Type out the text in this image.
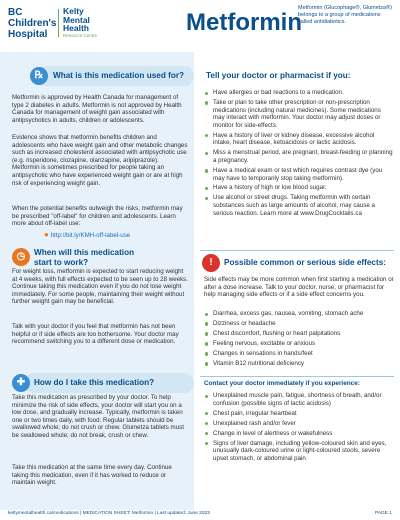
BC
Children's
Hospital
Kelty
Mental
Health
Resource Centre	Metformin
Metformin (Glucophage®, Glumetza®) belongs to a group of medications called antidiabetics.
℞	What is this medication used for?
Metformin is approved by Health Canada for management of type 2 diabetes in adults. Metformin is not approved by Health Canada for management of weight gain associated with antipsychotics in adults, children or adolescents.
Evidence shows that metformin benefits children and adolescents who have weight gain and other metabolic changes such as increased cholesterol associated with antipsychotic use (e.g. risperidone, clozapine, olanzapine, aripiprazole). Metformin is sometimes prescribed for people taking an antipsychotic who have experienced weight gain or are at high risk of experiencing weight gain.
When the potential benefits outweigh the risks, metformin may be prescribed "off-label" for children and adolescents. Learn more about off-label use:
● http://bit.ly/KMH-off-label-use
Tell your doctor or pharmacist if you:
Have allergies or bad reactions to a medication.
Take or plan to take other prescription or non-prescription medications (including natural medicines). Some medications may interact with metformin. Your doctor may adjust doses or monitor for side-effects.
Have a history of liver or kidney disease, excessive alcohol intake, heart disease, ketoacidosis or lactic acidosis.
Miss a menstrual period, are pregnant, breast-feeding or planning a pregnancy.
Have a medical exam or test which requires contrast dye (you may have to temporarily stop taking metformin).
Have a history of high or low blood sugar.
Use alcohol or street drugs. Taking metformin with certain substances such as large amounts of alcohol, may cause a serious reaction. Learn more at www.DrugCocktails.ca
◷	When will this medication
start to work?
For weight loss, metformin is expected to start reducing weight at 4 weeks, with full effects expected to be seen up to 28 weeks. Continue taking this medication even if you do not lose weight immediately. For some people, maintaining their weight without further weight gain may be beneficial.
Talk with your doctor if you feel that metformin has not been helpful or if side effects are too bothersome. Your doctor may recommend switching you to a different dose or medication.
✚	How do I take this medication?
Take this medication as prescribed by your doctor. To help minimize the risk of side effects, your doctor will start you on a low dose, and gradually increase. Typically, metformin is taken one or two times daily, with food. Regular tablets should be swallowed whole; do not crush or chew. Glumetza tablets must be swallowed whole; do not break, crush or chew.
Take this medication at the same time every day. Continue taking this medication, even if it has worked to reduce or maintain weight.
!	Possible common or serious side effects:
Side effects may be more common when first starting a medication or after a dose increase. Talk to your doctor, nurse, or pharmacist for help managing side effects or if a side effect concerns you.
Diarrhea, excess gas, nausea, vomiting, stomach ache
Dizziness or headache
Chest discomfort, flushing or heart palpitations
Feeling nervous, excitable or anxious
Changes in sensations in hands/feet
Vitamin B12 nutritional deficiency
Contact your doctor immediately if you experience:
Unexplained muscle pain, fatigue, shortness of breath, and/or confusion (possible signs of lactic acidosis)
Chest pain, irregular heartbeat
Unexplained rash and/or fever
Change in level of alertness or wakefulness
Signs of liver damage, including yellow-coloured skin and eyes, unusually dark-coloured urine or light-coloured stools, severe upset stomach, or abdominal pain
keltymentalhealth.ca/medications | MEDICATION SHEET: Metformin | Last updated: June 2023	PAGE 1
